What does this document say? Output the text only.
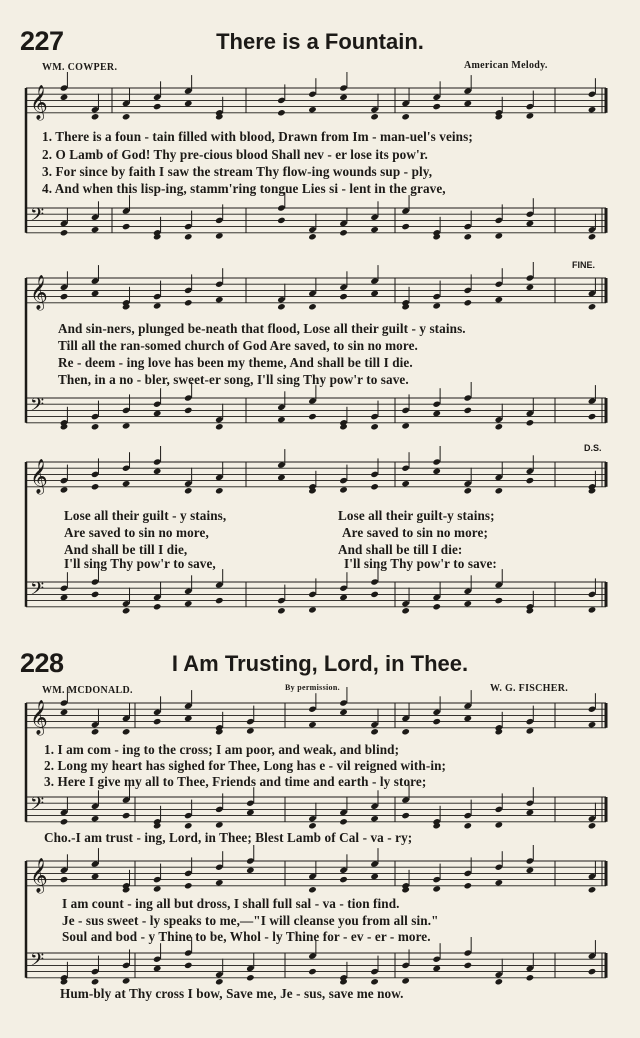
𝄞
𝄢
𝄞
𝄢
𝄞
𝄢
𝄞
𝄢
𝄞
𝄢
227	There is a Fountain.
WM. COWPER.	American Melody.
1. There is a foun - tain filled with blood, Drawn from Im - man-uel's veins;
2. O Lamb of God! Thy pre-cious blood Shall nev - er lose its pow'r.
3. For since by faith I saw the stream Thy flow-ing wounds sup - ply,
4. And when this lisp-ing, stamm'ring tongue Lies si - lent in the grave,
FINE.
And sin-ners, plunged be-neath that flood, Lose all their guilt - y stains.
Till all the ran-somed church of God Are saved, to sin no more.
Re - deem - ing love has been my theme, And shall be till I die.
Then, in a no - bler, sweet-er song, I'll sing Thy pow'r to save.
D.S.
Lose all their guilt - y stains,	Lose all their guilt-y stains;
Are saved to sin no more,	Are saved to sin no more;
And shall be till I die,	And shall be till I die:
I'll sing Thy pow'r to save,	I'll sing Thy pow'r to save:
228	I Am Trusting, Lord, in Thee.
WM. MCDONALD.	By permission.	W. G. FISCHER.
1. I am com - ing to the cross; I am poor, and weak, and blind;
2. Long my heart has sighed for Thee, Long has e - vil reigned with-in;
3. Here I give my all to Thee, Friends and time and earth - ly store;
Cho.-I am trust - ing, Lord, in Thee; Blest Lamb of Cal - va - ry;
I am count - ing all but dross, I shall full sal - va - tion find.
Je - sus sweet - ly speaks to me,—"I will cleanse you from all sin."
Soul and bod - y Thine to be, Whol - ly Thine for - ev - er - more.
Hum-bly at Thy cross I bow, Save me, Je - sus, save me now.
